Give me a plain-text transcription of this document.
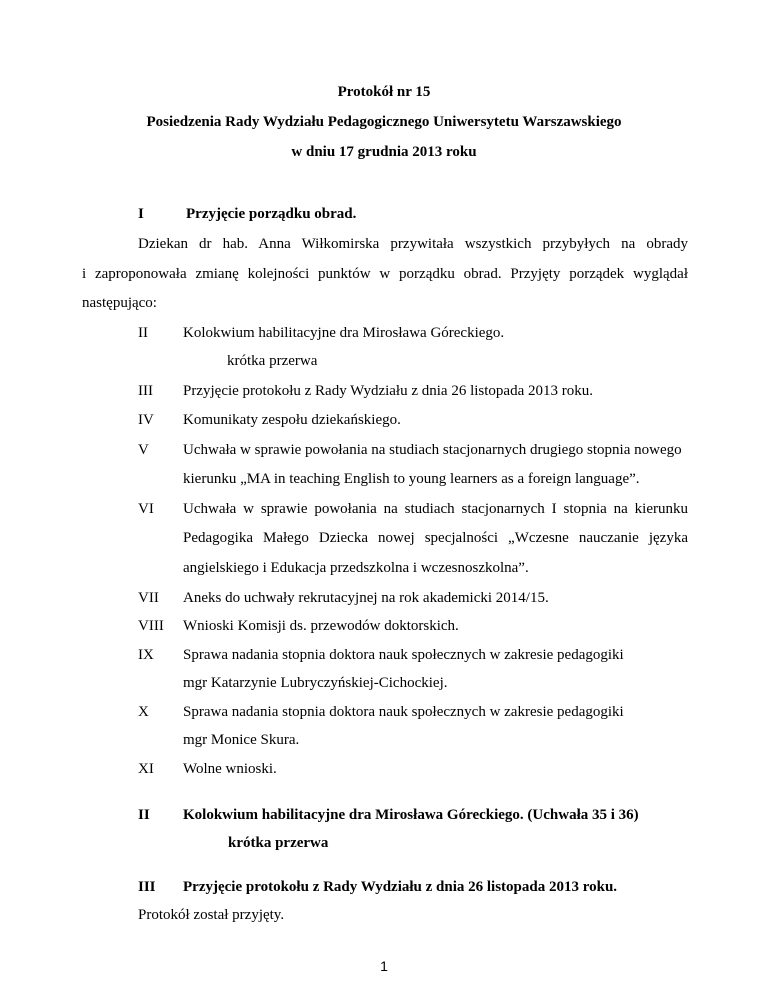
Protokół nr 15
Posiedzenia Rady Wydziału Pedagogicznego Uniwersytetu Warszawskiego
w dniu 17 grudnia 2013 roku
I	Przyjęcie porządku obrad.
Dziekan dr hab. Anna Wiłkomirska przywitała wszystkich przybyłych na obrady
i zaproponowała zmianę kolejności punktów w porządku obrad. Przyjęty porządek wyglądał
następująco:
II Kolokwium habilitacyjne dra Mirosława Góreckiego.
krótka przerwa
III Przyjęcie protokołu z Rady Wydziału z dnia 26 listopada 2013 roku.
IV Komunikaty zespołu dziekańskiego.
V Uchwała w sprawie powołania na studiach stacjonarnych drugiego stopnia nowego
kierunku „MA in teaching English to young learners as a foreign language”.
VI Uchwała w sprawie powołania na studiach stacjonarnych I stopnia na kierunku
Pedagogika Małego Dziecka nowej specjalności „Wczesne nauczanie języka
angielskiego i Edukacja przedszkolna i wczesnoszkolna”.
VII Aneks do uchwały rekrutacyjnej na rok akademicki 2014/15.
VIII Wnioski Komisji ds. przewodów doktorskich.
IX Sprawa nadania stopnia doktora nauk społecznych w zakresie pedagogiki
mgr Katarzynie Lubryczyńskiej-Cichockiej.
X Sprawa nadania stopnia doktora nauk społecznych w zakresie pedagogiki
mgr Monice Skura.
XI Wolne wnioski.
II Kolokwium habilitacyjne dra Mirosława Góreckiego. (Uchwała 35 i 36)
krótka przerwa
III Przyjęcie protokołu z Rady Wydziału z dnia 26 listopada 2013 roku.
Protokół został przyjęty.
1
